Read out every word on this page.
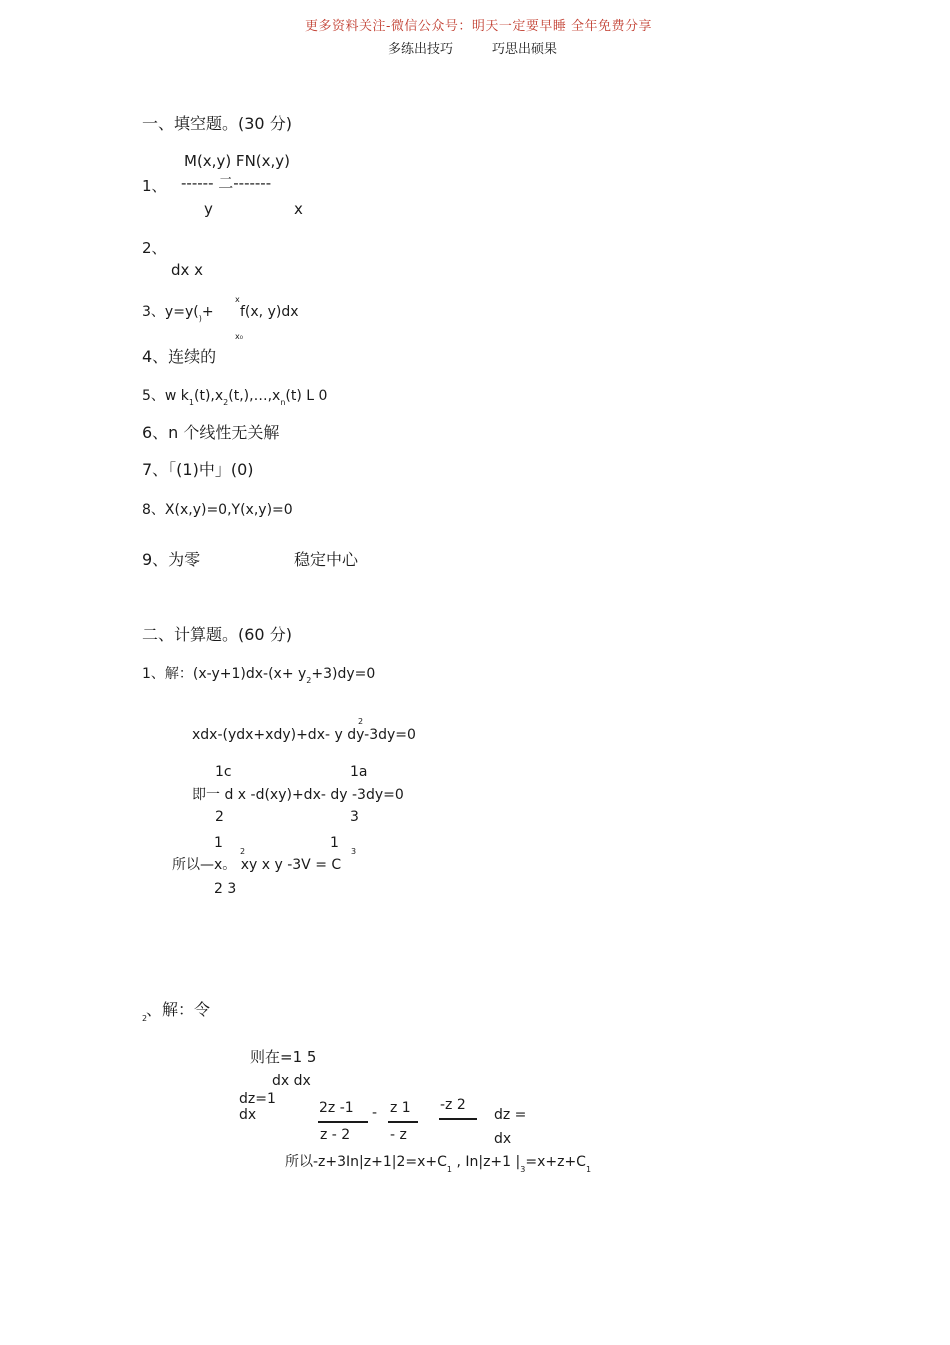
更多资料关注-微信公众号：明天一定要早睡 全年免费分享
多练出技巧	巧思出硕果
一、填空题。(30 分)
M(x,y) FN(x,y)
1、 ------ 二-------
y	x
2、
dx x
3、$y=y(_)+$
x
f(x, y)dx
x₀
4、连续的
5、w $k_1(t),x_2(t,),\dots,x_n(t)$ L 0
6、n 个线性无关解
7、「(1)中」(0)
8、X(x,y)=0,Y(x,y)=0
9、为零	稳定中心
二、计算题。(60 分)
1、解：$(x-y+1)dx-(x+ y_2+3)dy=0$
2
xdx-(ydx+xdy)+dx- y dy-3dy=0
1c	1a
即一 d x -d(xy)+dx- dy -3dy=0
2	3
1	1
2	3
所以—x。 xy x y -3V = C
2 3
2
、解：令
则在=1 5
dx dx
dz=1
dx	2z -1
z - 2
- z 1
- z
-z 2
dz =
dx
所以$-z+3In|z+1|2=x+C_1$ , In|z+1 $|_3=x+z+C_1$
